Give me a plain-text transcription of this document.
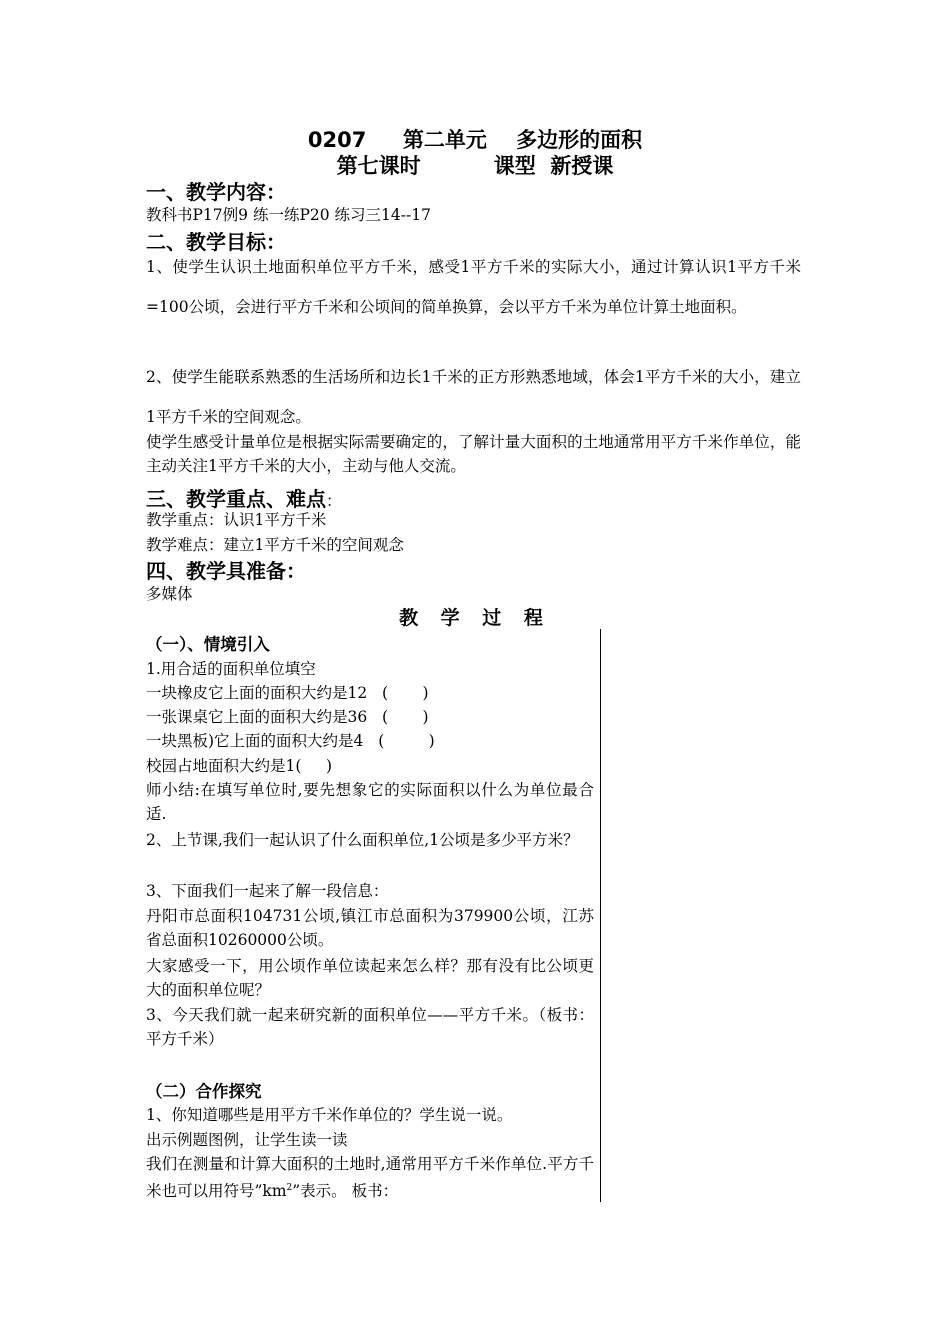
0207     第二单元    多边形的面积
第七课时          课型  新授课
一、教学内容：
教科书P17例9 练一练P20 练习三14--17
二、教学目标：
1、使学生认识土地面积单位平方千米，感受1平方千米的实际大小，通过计算认识1平方千米=100公顷，会进行平方千米和公顷间的简单换算，会以平方千米为单位计算土地面积。
2、使学生能联系熟悉的生活场所和边长1千米的正方形熟悉地域，体会1平方千米的大小，建立1平方千米的空间观念。
使学生感受计量单位是根据实际需要确定的，了解计量大面积的土地通常用平方千米作单位，能主动关注1平方千米的大小，主动与他人交流。
三、教学重点、难点：
教学重点：认识1平方千米
教学难点：建立1平方千米的空间观念
四、教学具准备：
多媒体
教 学 过 程
（一）、情境引入
1.用合适的面积单位填空
一块橡皮它上面的面积大约是12   (       )
一张课桌它上面的面积大约是36   (       )
一块黑板)它上面的面积大约是4   (         )
校园占地面积大约是1(     )
师小结:在填写单位时,要先想象它的实际面积以什么为单位最合适.
2、上节课,我们一起认识了什么面积单位,1公顷是多少平方米？
3、下面我们一起来了解一段信息：
丹阳市总面积104731公顷,镇江市总面积为379900公顷，江苏省总面积10260000公顷。
大家感受一下，用公顷作单位读起来怎么样？那有没有比公顷更大的面积单位呢？
3、今天我们就一起来研究新的面积单位——平方千米。（板书：平方千米）
（二）合作探究
1、你知道哪些是用平方千米作单位的？学生说一说。
出示例题图例，让学生读一读
我们在测量和计算大面积的土地时,通常用平方千米作单位.平方千米也可以用符号$”km^2$”表示。 板书：
